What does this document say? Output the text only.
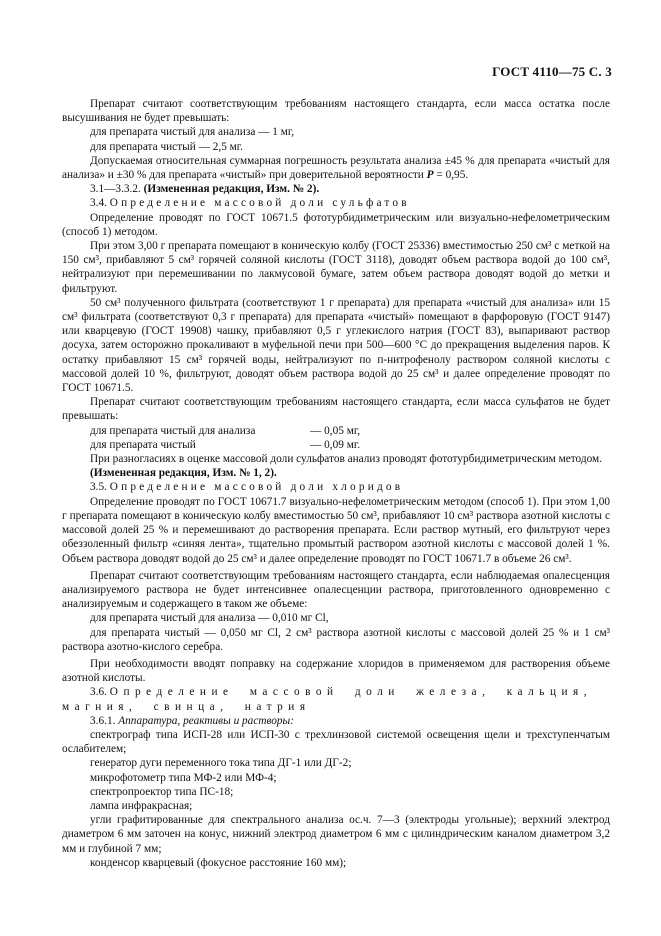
ГОСТ 4110—75 С. 3

Препарат считают соответствующим требованиям настоящего стандарта, если масса остатка после высушивания не будет превышать:

для препарата чистый для анализа — 1 мг,

для препарата чистый — 2,5 мг.

Допускаемая относительная суммарная погрешность результата анализа ±45 % для препарата «чистый для анализа» и ±30 % для препарата «чистый» при доверительной вероятности P = 0,95.

3.1—3.3.2. (Измененная редакция, Изм. № 2).

3.4. Определение массовой доли сульфатов

Определение проводят по ГОСТ 10671.5 фототурбидиметрическим или визуально-нефелометрическим (способ 1) методом.

При этом 3,00 г препарата помещают в коническую колбу (ГОСТ 25336) вместимостью 250 см³ с меткой на 150 см³, прибавляют 5 см³ горячей соляной кислоты (ГОСТ 3118), доводят объем раствора водой до 100 см³, нейтрализуют при перемешивании по лакмусовой бумаге, затем объем раствора доводят водой до метки и фильтруют.

50 см³ полученного фильтрата (соответствуют 1 г препарата) для препарата «чистый для анализа» или 15 см³ фильтрата (соответствуют 0,3 г препарата) для препарата «чистый» помещают в фарфоровую (ГОСТ 9147) или кварцевую (ГОСТ 19908) чашку, прибавляют 0,5 г углекислого натрия (ГОСТ 83), выпаривают раствор досуха, затем осторожно прокаливают в муфельной печи при 500—600 °С до прекращения выделения паров. К остатку прибавляют 15 см³ горячей воды, нейтрализуют по п-нитрофенолу раствором соляной кислоты с массовой долей 10 %, фильтруют, доводят объем раствора водой до 25 см³ и далее определение проводят по ГОСТ 10671.5.

Препарат считают соответствующим требованиям настоящего стандарта, если масса сульфатов не будет превышать:

для препарата чистый для анализа	— 0,05 мг,

для препарата чистый	— 0,09 мг.

При разногласиях в оценке массовой доли сульфатов анализ проводят фототурбидиметрическим методом.

(Измененная редакция, Изм. № 1, 2).

3.5. Определение массовой доли хлоридов

Определение проводят по ГОСТ 10671.7 визуально-нефелометрическим методом (способ 1). При этом 1,00 г препарата помещают в коническую колбу вместимостью 50 см³, прибавляют 10 см³ раствора азотной кислоты с массовой долей 25 % и перемешивают до растворения препарата. Если раствор мутный, его фильтруют через обеззоленный фильтр «синяя лента», тщательно промытый раствором азотной кислоты с массовой долей 1 %. Объем раствора доводят водой до 25 см³ и далее определение проводят по ГОСТ 10671.7 в объеме 26 см³.

Препарат считают соответствующим требованиям настоящего стандарта, если наблюдаемая опалесценция анализируемого раствора не будет интенсивнее опалесценции раствора, приготовленного одновременно с анализируемым и содержащего в таком же объеме:

для препарата чистый для анализа — 0,010 мг Cl,

для препарата чистый — 0,050 мг Cl, 2 см³ раствора азотной кислоты с массовой долей 25 % и 1 см³ раствора азотно-кислого серебра.

При необходимости вводят поправку на содержание хлоридов в применяемом для растворения объеме азотной кислоты.

3.6. Определение массовой доли железа, кальция, магния, свинца, натрия

3.6.1. Аппаратура, реактивы и растворы:

спектрограф типа ИСП-28 или ИСП-30 с трехлинзовой системой освещения щели и трехступенчатым ослабителем;

генератор дуги переменного тока типа ДГ-1 или ДГ-2;

микрофотометр типа МФ-2 или МФ-4;

спектропроектор типа ПС-18;

лампа инфракрасная;

угли графитированные для спектрального анализа ос.ч. 7—3 (электроды угольные); верхний электрод диаметром 6 мм заточен на конус, нижний электрод диаметром 6 мм с цилиндрическим каналом диаметром 3,2 мм и глубиной 7 мм;

конденсор кварцевый (фокусное расстояние 160 мм);
